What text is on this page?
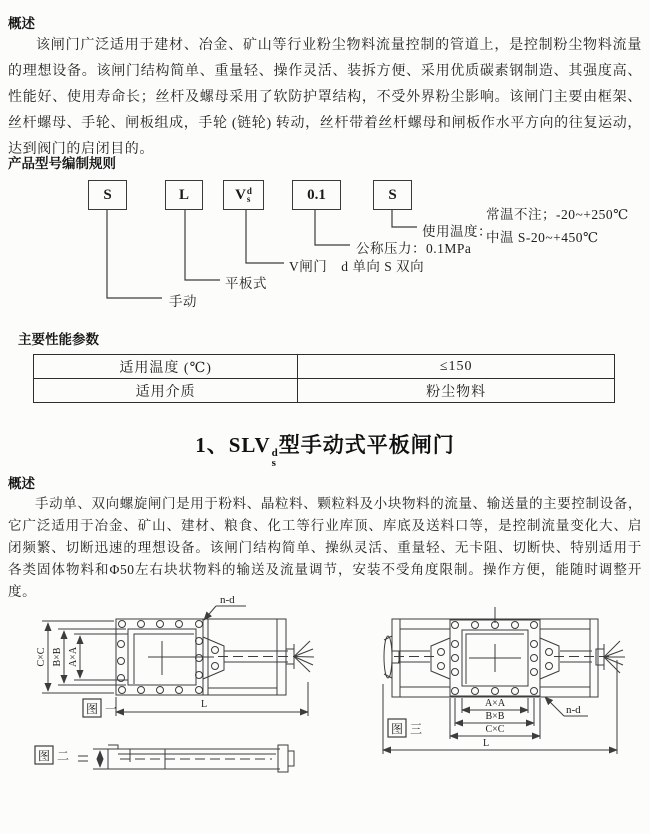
概述
该闸门广泛适用于建材、冶金、矿山等行业粉尘物料流量控制的管道上，是控制粉尘物料流量的理想设备。该闸门结构简单、重量轻、操作灵活、装拆方便、采用优质碳素钢制造、其强度高、性能好、使用寿命长；丝杆及螺母采用了软防护罩结构，不受外界粉尘影响。该闸门主要由框架、丝杆螺母、手轮、闸板组成，手轮 (链轮) 转动，丝杆带着丝杆螺母和闸板作水平方向的往复运动，达到阀门的启闭目的。
产品型号编制规则
S	L	V d
s	0.1	S
手动
平板式
V闸门　d 单向 S 双向
公称压力：0.1MPa
使用温度：
常温不注；-20~+250℃
中温 S-20~+450℃
主要性能参数
适用温度 (℃)	≤150
适用介质	粉尘物料
1、SLV d
s
型手动式平板闸门
概述
手动单、双向螺旋闸门是用于粉料、晶粒料、颗粒料及小块物料的流量、输送量的主要控制设备，它广泛适用于冶金、矿山、建材、粮食、化工等行业库顶、库底及送料口等，是控制流量变化大、启闭频繁、切断迅速的理想设备。该闸门结构简单、操纵灵活、重量轻、无卡阻、切断快、特别适用于各类固体物料和Φ50左右块状物料的输送及流量调节，安装不受角度限制。操作方便，能随时调整开度。
C×C B×B A×A
n-d
L
图 一
图 二
n-d
A×A
B×B
C×C
L
图 三
